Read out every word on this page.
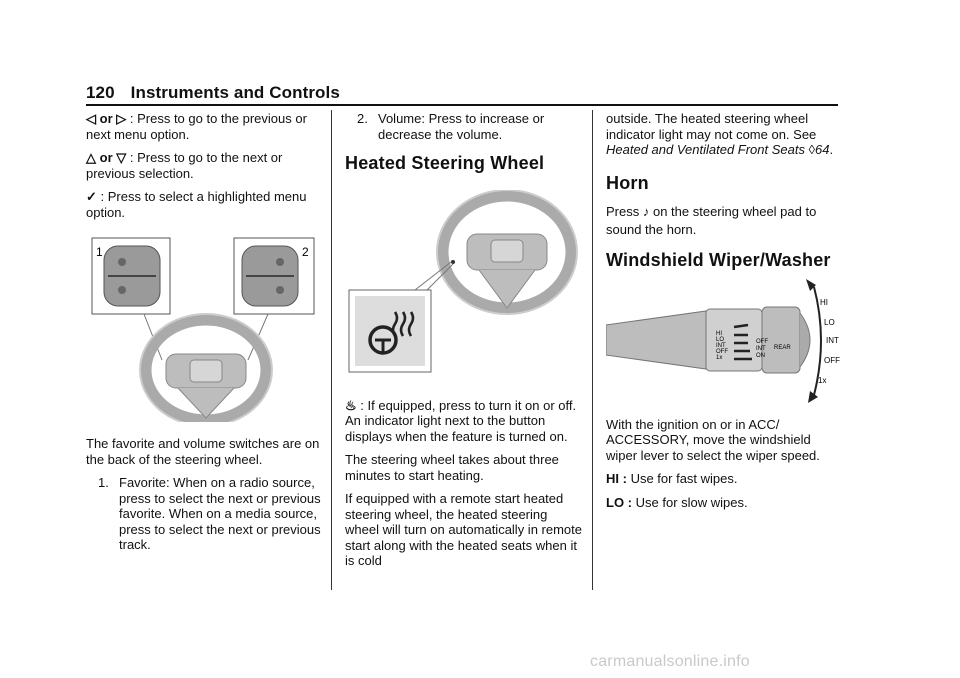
120 Instruments and Controls

◁ or ▷ : Press to go to the previous or next menu option.

△ or ▽ : Press to go to the next or previous selection.

✓ : Press to select a highlighted menu option.

1	2

The favorite and volume switches are on the back of the steering wheel.

1. Favorite: When on a radio source, press to select the next or previous favorite. When on a media source, press to select the next or previous track.
2. Volume: Press to increase or decrease the volume.
Heated Steering Wheel

♨ : If equipped, press to turn it on or off. An indicator light next to the button displays when the feature is turned on.

The steering wheel takes about three minutes to start heating.

If equipped with a remote start heated steering wheel, the heated steering wheel will turn on automatically in remote start along with the heated seats when it is cold

outside. The heated steering wheel indicator light may not come on. See Heated and Ventilated Front Seats ◊64.

Horn

Press ♪ on the steering wheel pad to sound the horn.

Windshield Wiper/Washer
HI
LO
INT
OFF
1x
OFF
INT
ON
REAR
HI
LO
INT
OFF
1x

With the ignition on or in ACC/ ACCESSORY, move the windshield wiper lever to select the wiper speed.

HI : Use for fast wipes.

LO : Use for slow wipes.

carmanualsonline.info
